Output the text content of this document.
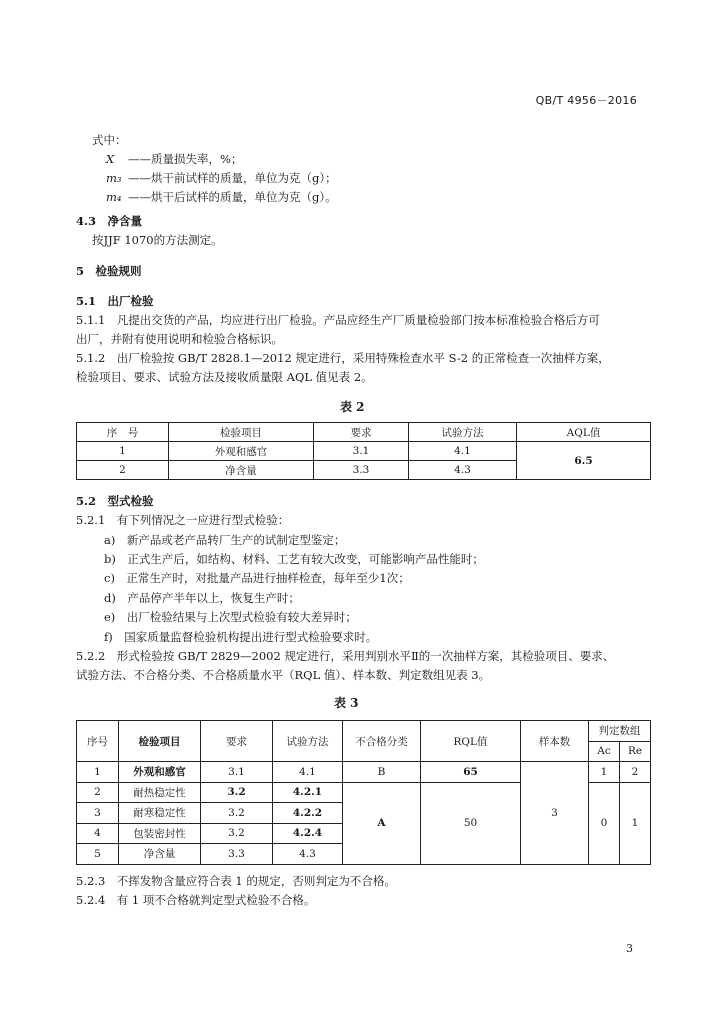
QB/T 4956－2016
式中：
X ——质量损失率，%；
m₃ ——烘干前试样的质量，单位为克（g）；
m₄ ——烘干后试样的质量，单位为克（g）。
4.3　净含量
按JJF 1070的方法测定。
5　检验规则
5.1　出厂检验
5.1.1　凡提出交货的产品，均应进行出厂检验。产品应经生产厂质量检验部门按本标准检验合格后方可
出厂，并附有使用说明和检验合格标识。
5.1.2　出厂检验按 GB/T 2828.1—2012 规定进行，采用特殊检查水平 S-2 的正常检查一次抽样方案，
检验项目、要求、试验方法及接收质量限 AQL 值见表 2。
表 2
序　号	检验项目	要求	试验方法	AQL值
1	外观和感官	3.1	4.1	6.5
2	净含量	3.3	4.3	
5.2　型式检验
5.2.1　有下列情况之一应进行型式检验：
a)　新产品或老产品转厂生产的试制定型鉴定；
b)　正式生产后，如结构、材料、工艺有较大改变，可能影响产品性能时；
c)　正常生产时，对批量产品进行抽样检查，每年至少1次；
d)　产品停产半年以上，恢复生产时；
e)　出厂检验结果与上次型式检验有较大差异时；
f)　国家质量监督检验机构提出进行型式检验要求时。
5.2.2　形式检验按 GB/T 2829—2002 规定进行，采用判别水平Ⅱ的一次抽样方案，其检验项目、要求、
试验方法、不合格分类、不合格质量水平（RQL 值）、样本数、判定数组见表 3。
表 3
序号	检验项目	要求	试验方法	不合格分类	RQL值	样本数	判定数组	
							Ac	Re
1	外观和感官	3.1	4.1	B	65	3	1	2
2	耐热稳定性	3.2	4.2.1	A	50		0	1
3	耐寒稳定性	3.2	4.2.2					
4	包装密封性	3.2	4.2.4					
5	净含量	3.3	4.3					
5.2.3　不挥发物含量应符合表 1 的规定，否则判定为不合格。
5.2.4　有 1 项不合格就判定型式检验不合格。
3
